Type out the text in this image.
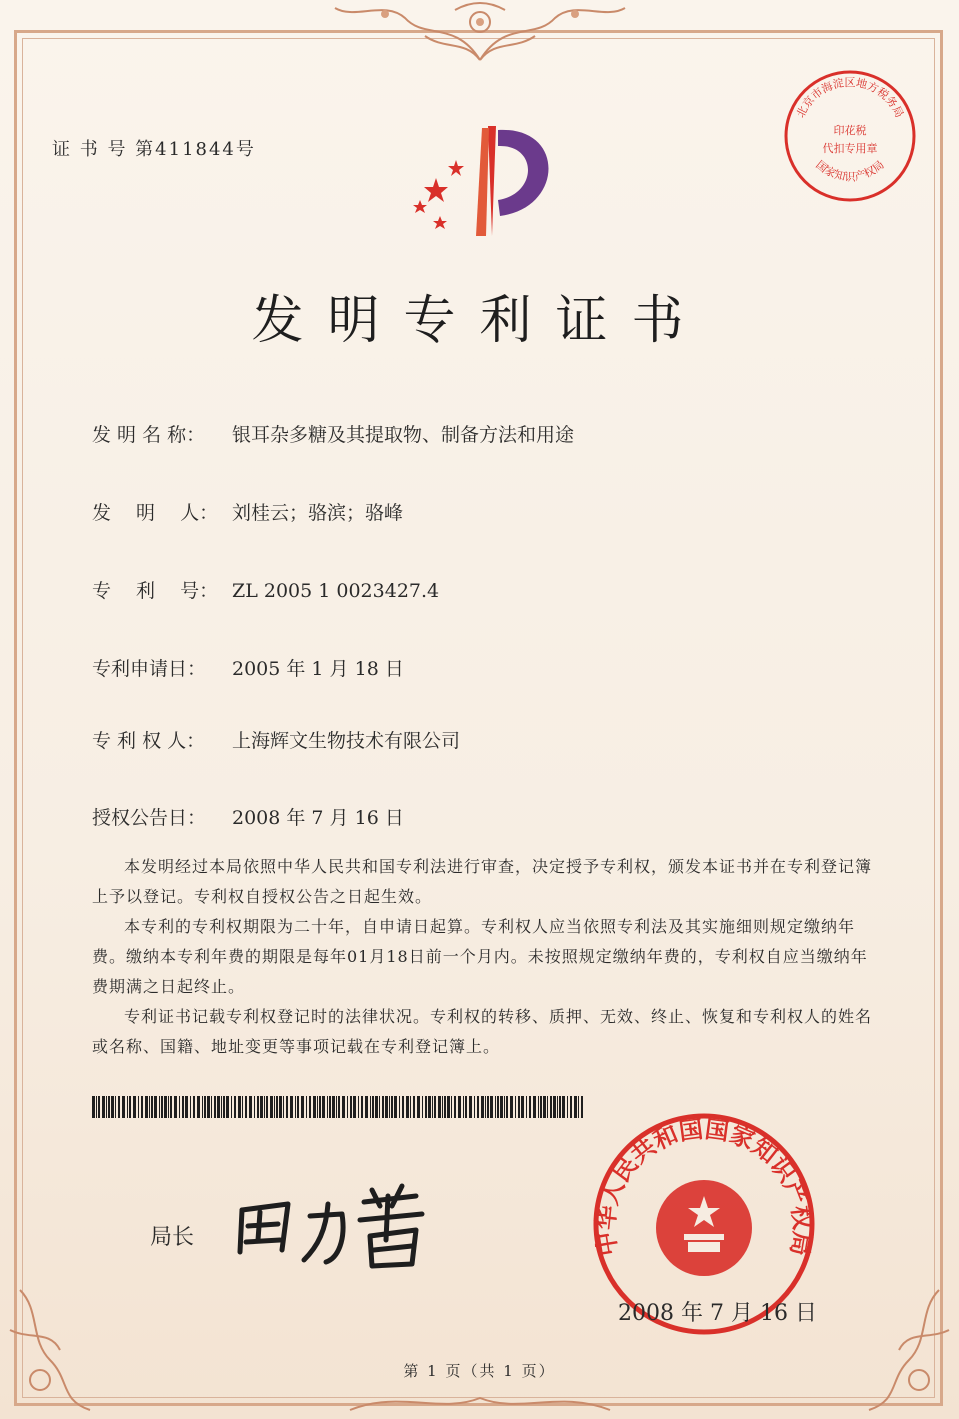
证 书 号 第411844号
发明专利证书
发 明 名 称： 银耳杂多糖及其提取物、制备方法和用途
发　 明　 人： 刘桂云；骆滨；骆峰
专　 利　 号： ZL 2005 1 0023427.4
专利申请日： 2005 年 1 月 18 日
专 利 权 人： 上海辉文生物技术有限公司
授权公告日： 2008 年 7 月 16 日

本发明经过本局依照中华人民共和国专利法进行审查，决定授予专利权，颁发本证书并在专利登记簿上予以登记。专利权自授权公告之日起生效。

本专利的专利权期限为二十年，自申请日起算。专利权人应当依照专利法及其实施细则规定缴纳年费。缴纳本专利年费的期限是每年01月18日前一个月内。未按照规定缴纳年费的，专利权自应当缴纳年费期满之日起终止。

专利证书记载专利权登记时的法律状况。专利权的转移、质押、无效、终止、恢复和专利权人的姓名或名称、国籍、地址变更等事项记载在专利登记簿上。

局长
北京市海淀区地方税务局
国家知识产权局
印花税
代扣专用章
中华人民共和国国家知识产权局
2008 年 7 月 16 日
第 1 页（共 1 页）
